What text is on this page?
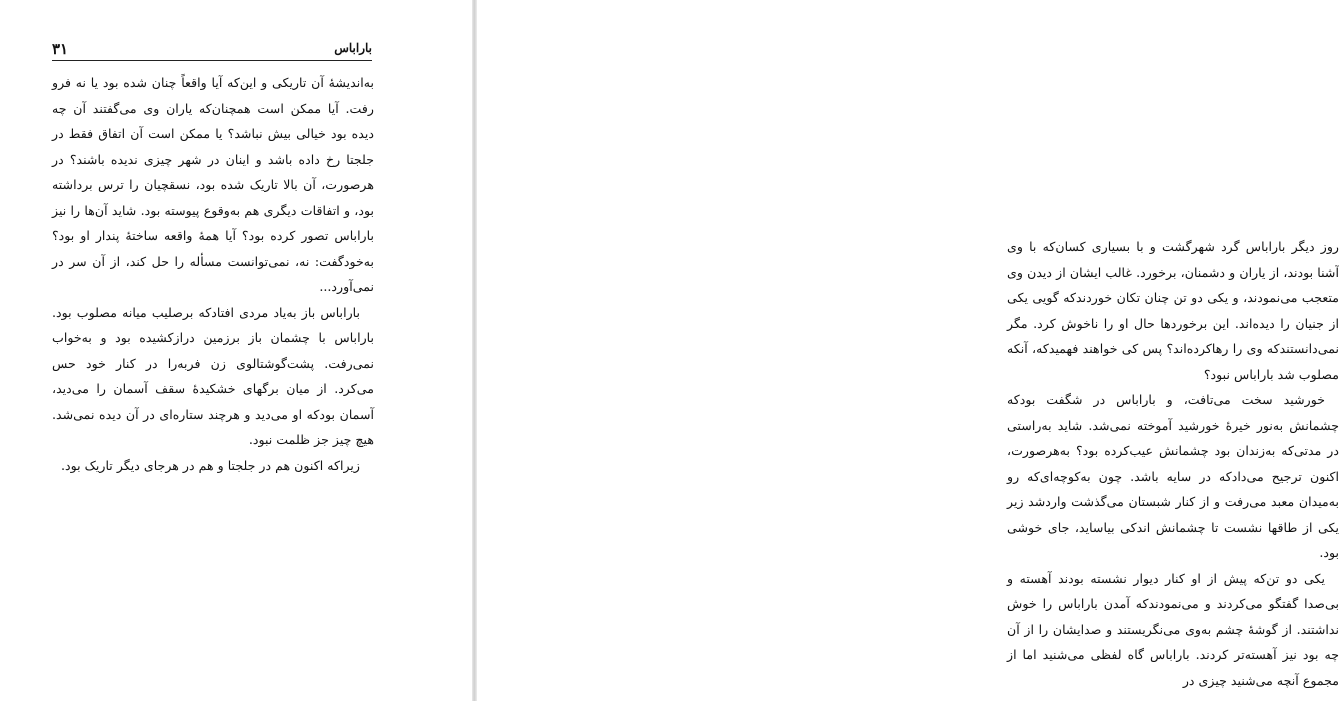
۳۱	باراباس

به‌اندیشهٔ آن تاریکی و این‌که آیا واقعاً چنان شده بود یا نه فرو رفت. آیا ممکن است همچنان‌که یاران وی می‌گفتند آن چه دیده بود خیالی بیش نباشد؟ یا ممکن است آن اتفاق فقط در جلجتا رخ داده باشد و اینان در شهر چیزی ندیده باشند؟ در هرصورت، آن بالا تاریک شده بود، نسقچیان را ترس برداشته بود، و اتفاقات دیگری هم به‌وقوع پیوسته بود. شاید آن‌ها را نیز باراباس تصور کرده بود؟ آیا همهٔ واقعه ساختهٔ پندار او بود؟ به‌خودگفت: نه، نمی‌توانست مسأله را حل کند، از آن سر در نمی‌آورد...

باراباس باز به‌یاد مردی افتادکه برصلیب میانه مصلوب بود. باراباس با چشمان باز برزمین درازکشیده بود و به‌خواب نمی‌رفت. پشت‌گوشتالوی زن فربه‌را در کنار خود حس می‌کرد. از میان برگهای خشکیدهٔ سقف آسمان را می‌دید، آسمان بودکه او می‌دید و هرچند ستاره‌ای در آن دیده نمی‌شد. هیچ چیز جز ظلمت نبود.

زیراکه اکنون هم در جلجتا و هم در هرجای دیگر تاریک بود.

روز دیگر باراباس گرد شهرگشت و با بسیاری کسان‌که با وی آشنا بودند، از یاران و دشمنان، برخورد. غالب ایشان از دیدن وی متعجب می‌نمودند، و یکی دو تن چنان تکان خوردندکه گویی یکی از جنیان را دیده‌اند. این برخوردها حال او را ناخوش کرد. مگر نمی‌دانستندکه وی را رهاکرده‌اند؟ پس کی خواهند فهمیدکه، آنکه مصلوب شد باراباس نبود؟

خورشید سخت می‌تافت، و باراباس در شگفت بودکه چشمانش به‌نور خیرهٔ خورشید آموخته نمی‌شد. شاید به‌راستی در مدتی‌که به‌زندان بود چشمانش عیب‌کرده بود؟ به‌هرصورت، اکنون ترجیح می‌دادکه در سایه باشد. چون به‌کوچه‌ای‌که رو به‌میدان معبد می‌رفت و از کنار شبستان می‌گذشت واردشد زیر یکی از طاقها نشست تا چشمانش اندکی بیاساید، جای خوشی بود.

یکی دو تن‌که پیش از او کنار دیوار نشسته بودند آهسته و بی‌صدا گفتگو می‌کردند و می‌نمودندکه آمدن باراباس را خوش نداشتند. از گوشهٔ چشم به‌وی می‌نگریستند و صدایشان را از آن چه بود نیز آهسته‌تر کردند. باراباس گاه لفظی می‌شنید اما از مجموع آنچه می‌شنید چیزی در
